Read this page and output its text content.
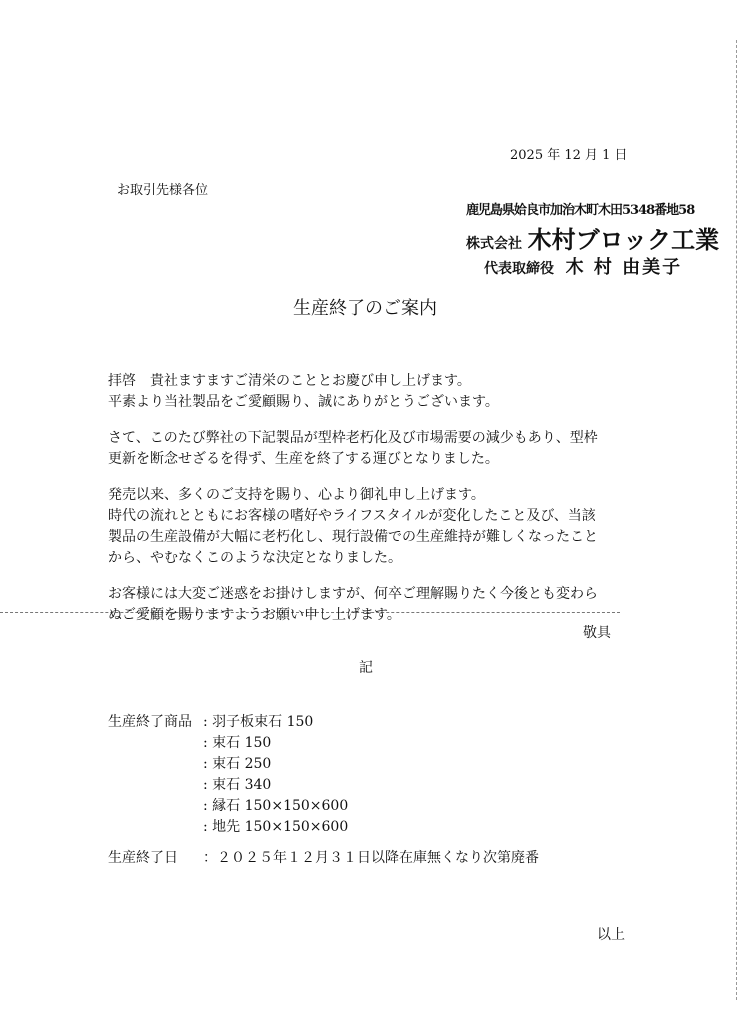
2025 年 12 月 1 日
お取引先様各位
鹿児島県姶良市加治木町木田5348番地58
株式会社 木村ブロック工業
代表取締役 木 村 由美子
生産終了のご案内
拝啓　貴社ますますご清栄のこととお慶び申し上げます。
平素より当社製品をご愛顧賜り、誠にありがとうございます。
さて、このたび弊社の下記製品が型枠老朽化及び市場需要の減少もあり、型枠
更新を断念せざるを得ず、生産を終了する運びとなりました。
発売以来、多くのご支持を賜り、心より御礼申し上げます。
時代の流れとともにお客様の嗜好やライフスタイルが変化したこと及び、当該
製品の生産設備が大幅に老朽化し、現行設備での生産維持が難しくなったこと
から、やむなくこのような決定となりました。
お客様には大変ご迷惑をお掛けしますが、何卒ご理解賜りたく今後とも変わら
ぬご愛顧を賜りますようお願い申し上げます。
敬具
記
生産終了商品 : 羽子板束石 150
: 束石 150
: 束石 250
: 束石 340
: 縁石 150×150×600
: 地先 150×150×600
生産終了日 ：２０２５年１２月３１日以降在庫無くなり次第廃番
以上
